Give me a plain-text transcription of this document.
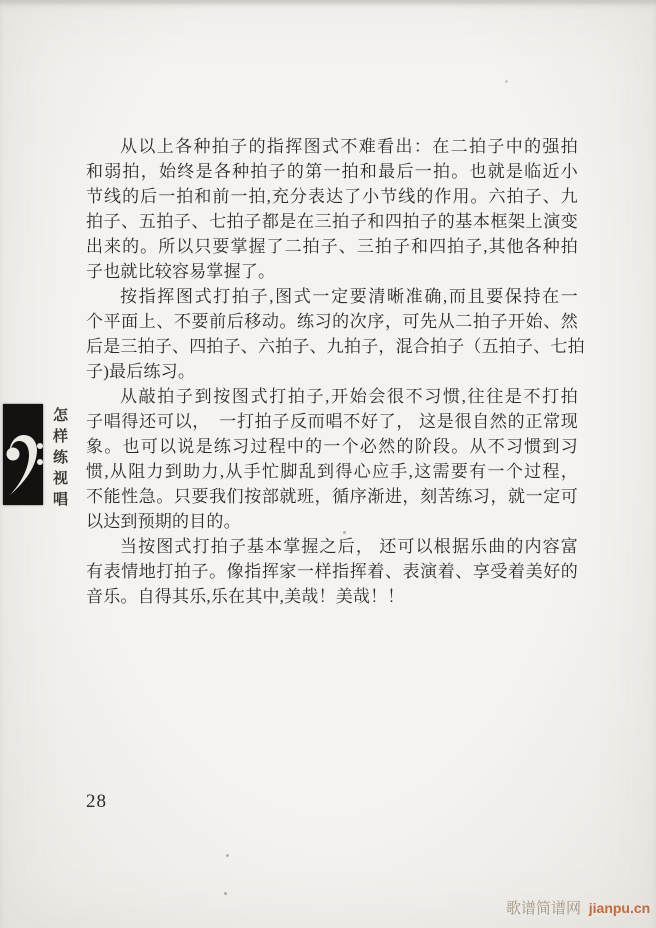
从以上各种拍子的指挥图式不难看出：在二拍子中的强拍
和弱拍，始终是各种拍子的第一拍和最后一拍。也就是临近小
节线的后一拍和前一拍,充分表达了小节线的作用。六拍子、九
拍子、五拍子、七拍子都是在三拍子和四拍子的基本框架上演变
出来的。所以只要掌握了二拍子、三拍子和四拍子,其他各种拍
子也就比较容易掌握了。
按指挥图式打拍子,图式一定要清晰准确,而且要保持在一
个平面上、不要前后移动。练习的次序，可先从二拍子开始、然
后是三拍子、四拍子、六拍子、九拍子，混合拍子（五拍子、七拍
子)最后练习。
从敲拍子到按图式打拍子,开始会很不习惯,往往是不打拍
子唱得还可以，　一打拍子反而唱不好了， 这是很自然的正常现
象。也可以说是练习过程中的一个必然的阶段。从不习惯到习
惯,从阻力到助力,从手忙脚乱到得心应手,这需要有一个过程，
不能性急。只要我们按部就班，循序渐进，刻苦练习，就一定可
以达到预期的目的。
当按图式打拍子基本掌握之后， 还可以根据乐曲的内容富
有表情地打拍子。像指挥家一样指挥着、表演着、享受着美好的
音乐。自得其乐,乐在其中,美哉！美哉！！
怎样练视唱
28
歌谱简谱网 jianpu.cn
